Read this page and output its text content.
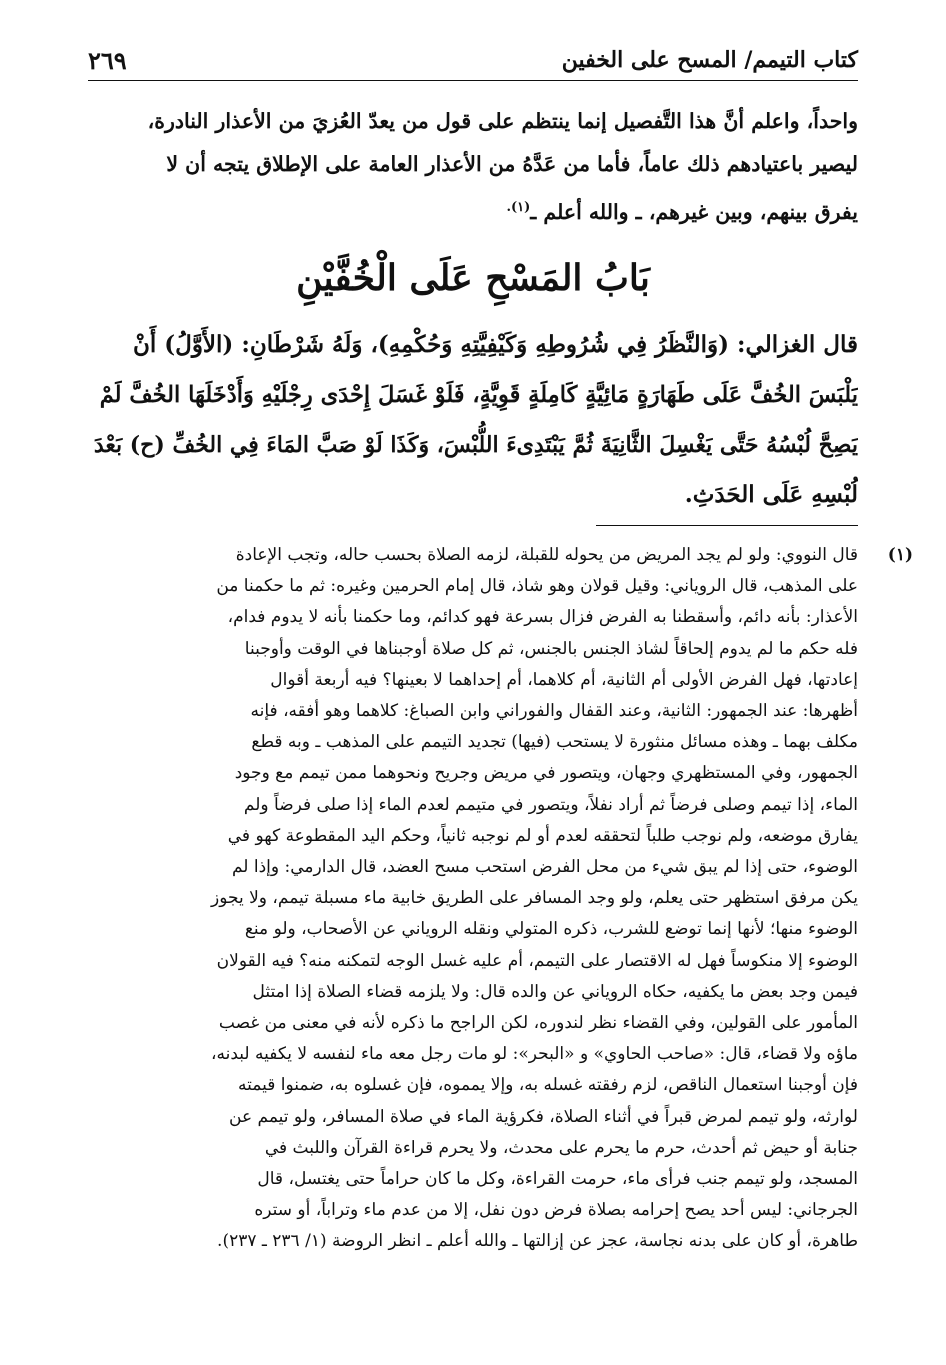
كتاب التيمم/ المسح على الخفين
٢٦٩
واحداً، واعلم أنَّ هذا التَّفصيل إنما ينتظم على قول من يعدّ العُزيَ من الأعذار النادرة،
ليصير باعتيادهم ذلك عاماً، فأما من عَدَّهُ من الأعذار العامة على الإطلاق يتجه أن لا
يفرق بينهم، وبين غيرهم، ـ والله أعلم ـ$^{(١).}$
بَابُ المَسْحِ عَلَى الْخُفَّيْنِ
قال الغزالي: (وَالنَّظَرُ فِي شُرُوطِهِ وَكَيْفِيَّتِهِ وَحُكْمِهِ)، وَلَهُ شَرْطَانِ: (الأَوَّلُ) أَنْ
يَلْبَسَ الخُفَّ عَلَى طَهَارَةٍ مَائِيَّةٍ كَامِلَةٍ قَوِيَّةٍ، فَلَوْ غَسَلَ إِحْدَى رِجْلَيْهِ وَأَدْخَلَهَا الخُفَّ لَمْ
يَصِحَّ لُبْسُهُ حَتَّى يَغْسِلَ الثَّانِيَةَ ثُمَّ يَبْتَدِىءَ اللُّبْسَ، وَكَذَا لَوْ صَبَّ المَاءَ فِي الخُفِّ (ح) بَعْدَ
لُبْسِهِ عَلَى الحَدَثِ.
(١)
قال النووي: ولو لم يجد المريض من يحوله للقبلة، لزمه الصلاة بحسب حاله، وتجب الإعادة
على المذهب، قال الروياني: وقيل قولان وهو شاذ، قال إمام الحرمين وغيره: ثم ما حكمنا من
الأعذار: بأنه دائم، وأسقطنا به الفرض فزال بسرعة فهو كدائم، وما حكمنا بأنه لا يدوم فدام،
فله حكم ما لم يدوم إلحاقاً لشاذ الجنس بالجنس، ثم كل صلاة أوجبناها في الوقت وأوجبنا
إعادتها، فهل الفرض الأولى أم الثانية، أم كلاهما، أم إحداهما لا بعينها؟ فيه أربعة أقوال
أظهرها: عند الجمهور: الثانية، وعند القفال والفوراني وابن الصباغ: كلاهما وهو أفقه، فإنه
مكلف بهما ـ وهذه مسائل منثورة لا يستحب (فيها) تجديد التيمم على المذهب ـ وبه قطع
الجمهور، وفي المستظهري وجهان، ويتصور في مريض وجريح ونحوهما ممن تيمم مع وجود
الماء، إذا تيمم وصلى فرضاً ثم أراد نفلاً، ويتصور في متيمم لعدم الماء إذا صلى فرضاً ولم
يفارق موضعه، ولم نوجب طلباً لتحققه لعدم أو لم نوجبه ثانياً، وحكم اليد المقطوعة كهو في
الوضوء، حتى إذا لم يبق شيء من محل الفرض استحب مسح العضد، قال الدارمي: وإذا لم
يكن مرفق استظهر حتى يعلم، ولو وجد المسافر على الطريق خابية ماء مسبلة تيمم، ولا يجوز
الوضوء منها؛ لأنها إنما توضع للشرب، ذكره المتولي ونقله الروياني عن الأصحاب، ولو منع
الوضوء إلا منكوساً فهل له الاقتصار على التيمم، أم عليه غسل الوجه لتمكنه منه؟ فيه القولان
فيمن وجد بعض ما يكفيه، حكاه الروياني عن والده قال: ولا يلزمه قضاء الصلاة إذا امتثل
المأمور على القولين، وفي القضاء نظر لندوره، لكن الراجح ما ذكره لأنه في معنى من غصب
ماؤه ولا قضاء، قال: «صاحب الحاوي» و «البحر»: لو مات رجل معه ماء لنفسه لا يكفيه لبدنه،
فإن أوجبنا استعمال الناقص، لزم رفقته غسله به، وإلا يمموه، فإن غسلوه به، ضمنوا قيمته
لوارثه، ولو تيمم لمرض قبراً في أثناء الصلاة، فكرؤية الماء في صلاة المسافر، ولو تيمم عن
جنابة أو حيض ثم أحدث، حرم ما يحرم على محدث، ولا يحرم قراءة القرآن واللبث في
المسجد، ولو تيمم جنب فرأى ماء، حرمت القراءة، وكل ما كان حراماً حتى يغتسل، قال
الجرجاني: ليس أحد يصح إحرامه بصلاة فرض دون نفل، إلا من عدم ماء وتراباً، أو ستره
طاهرة، أو كان على بدنه نجاسة، عجز عن إزالتها ـ والله أعلم ـ انظر الروضة (١/ ٢٣٦ ـ ٢٣٧).
